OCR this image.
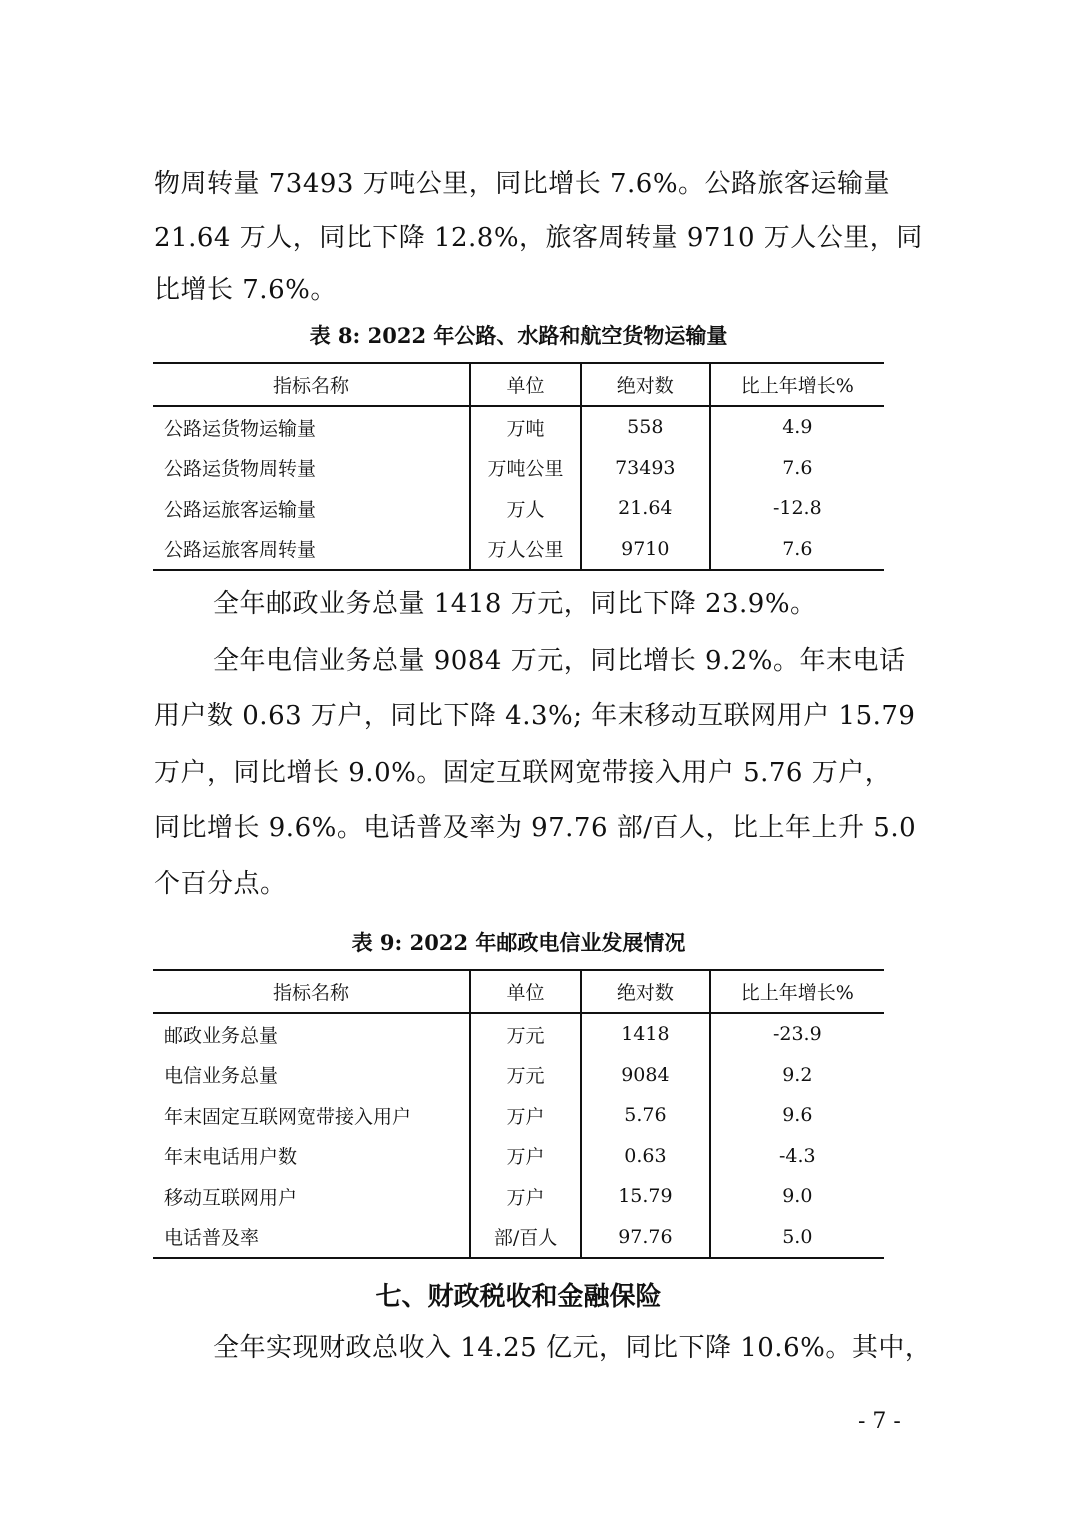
物周转量 73493 万吨公里，同比增长 7.6%。公路旅客运输量
21.64 万人，同比下降 12.8%，旅客周转量 9710 万人公里，同
比增长 7.6%。
表 8: 2022 年公路、水路和航空货物运输量
指标名称	单位	绝对数	比上年增长%
公路运货物运输量	万吨	558	4.9
公路运货物周转量	万吨公里	73493	7.6
公路运旅客运输量	万人	21.64	-12.8
公路运旅客周转量	万人公里	9710	7.6
全年邮政业务总量 1418 万元，同比下降 23.9%。
全年电信业务总量 9084 万元，同比增长 9.2%。年末电话
用户数 0.63 万户，同比下降 4.3%; 年末移动互联网用户 15.79
万户，同比增长 9.0%。固定互联网宽带接入用户 5.76 万户，
同比增长 9.6%。电话普及率为 97.76 部/百人，比上年上升 5.0
个百分点。
表 9: 2022 年邮政电信业发展情况
指标名称	单位	绝对数	比上年增长%
邮政业务总量	万元	1418	-23.9
电信业务总量	万元	9084	9.2
年末固定互联网宽带接入用户	万户	5.76	9.6
年末电话用户数	万户	0.63	-4.3
移动互联网用户	万户	15.79	9.0
电话普及率	部/百人	97.76	5.0
七、财政税收和金融保险
全年实现财政总收入 14.25 亿元，同比下降 10.6%。其中，
- 7 -
